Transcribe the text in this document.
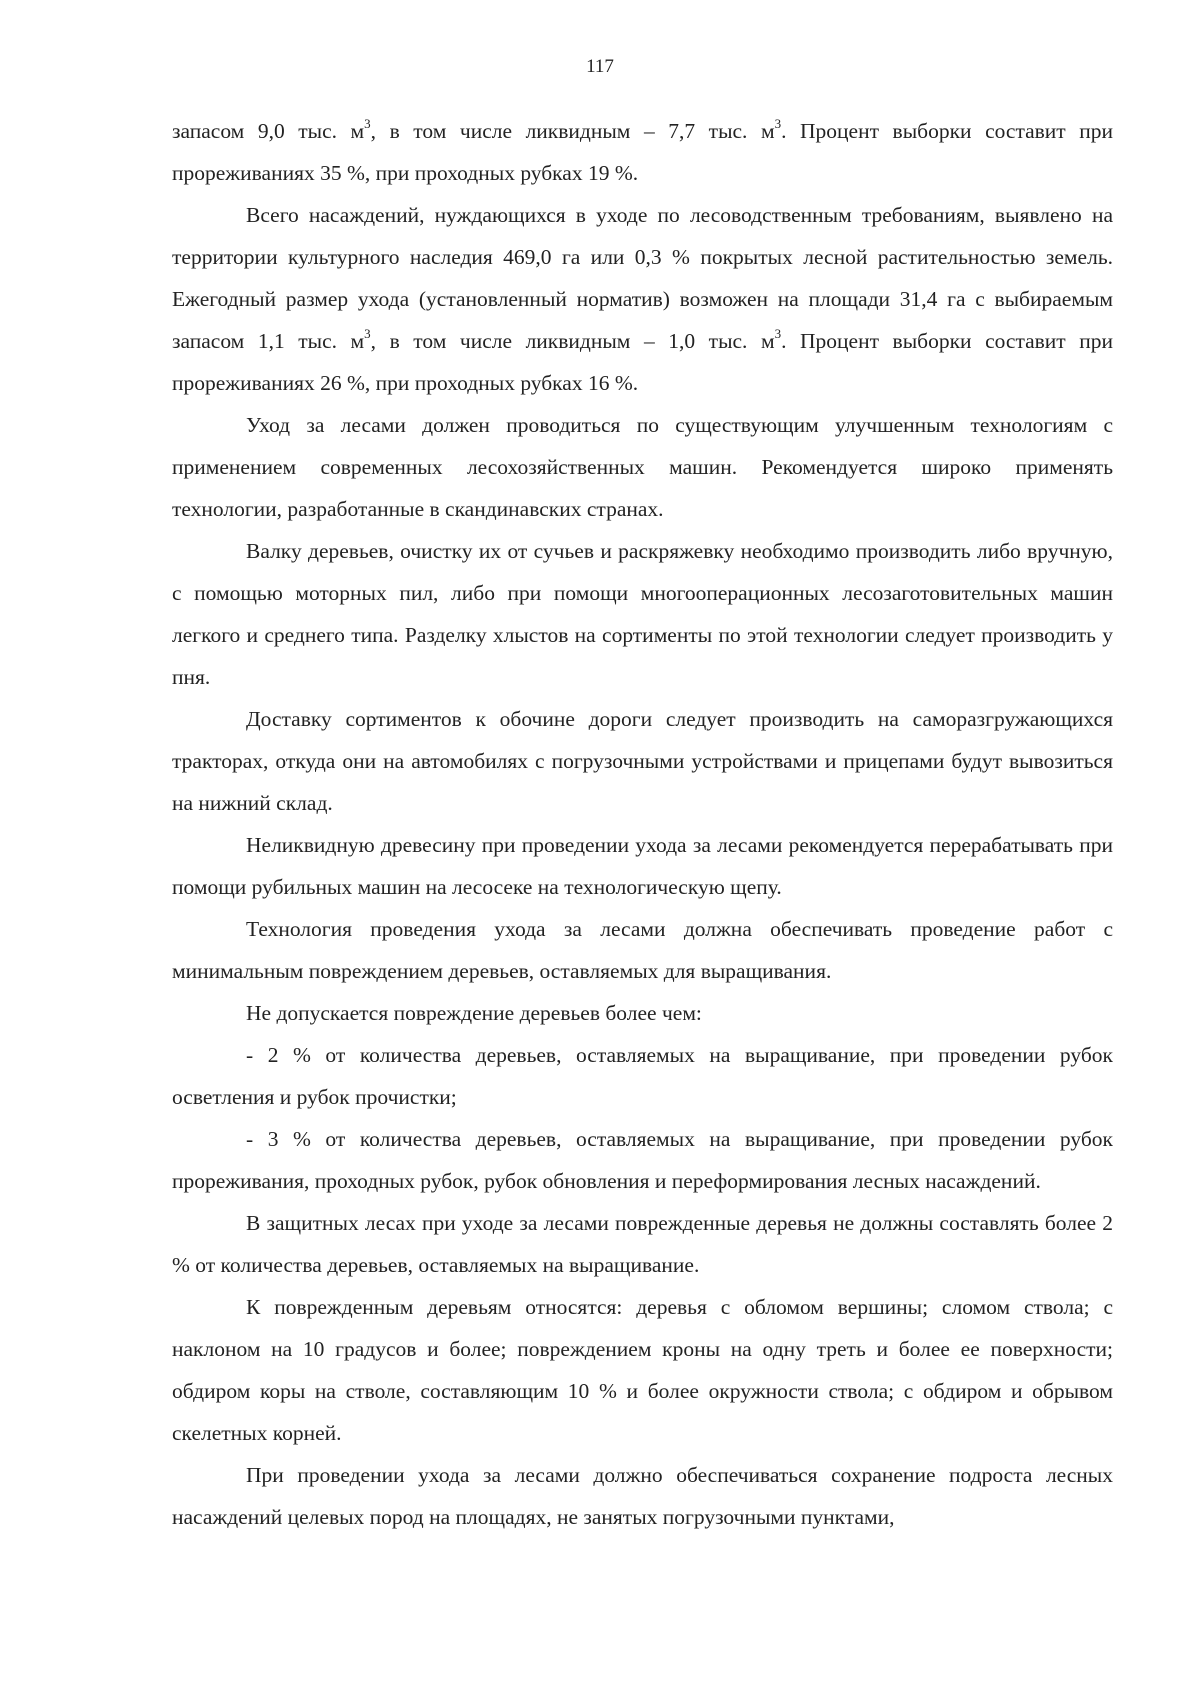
117

запасом 9,0 тыс. $м^3$, в том числе ликвидным – 7,7 тыс. $м^3$. Процент выборки составит при прореживаниях 35 %, при проходных рубках 19 %.

Всего насаждений, нуждающихся в уходе по лесоводственным требованиям, выявлено на территории культурного наследия 469,0 га или 0,3 % покрытых лесной растительностью земель. Ежегодный размер ухода (установленный норматив) возможен на площади 31,4 га с выбираемым запасом 1,1 тыс. $м^3$, в том числе ликвидным – 1,0 тыс. $м^3$. Процент выборки составит при прореживаниях 26 %, при проходных рубках 16 %.

Уход за лесами должен проводиться по существующим улучшенным технологиям с применением современных лесохозяйственных машин. Рекомендуется широко применять технологии, разработанные в скандинавских странах.

Валку деревьев, очистку их от сучьев и раскряжевку необходимо производить либо вручную, с помощью моторных пил, либо при помощи многооперационных лесозаготовительных машин легкого и среднего типа. Разделку хлыстов на сортименты по этой технологии следует производить у пня.

Доставку сортиментов к обочине дороги следует производить на саморазгружающихся тракторах, откуда они на автомобилях с погрузочными устройствами и прицепами будут вывозиться на нижний склад.

Неликвидную древесину при проведении ухода за лесами рекомендуется перерабатывать при помощи рубильных машин на лесосеке на технологическую щепу.

Технология проведения ухода за лесами должна обеспечивать проведение работ с минимальным повреждением деревьев, оставляемых для выращивания.

Не допускается повреждение деревьев более чем:

- 2 % от количества деревьев, оставляемых на выращивание, при проведении рубок осветления и рубок прочистки;

- 3 % от количества деревьев, оставляемых на выращивание, при проведении рубок прореживания, проходных рубок, рубок обновления и переформирования лесных насаждений.

В защитных лесах при уходе за лесами поврежденные деревья не должны составлять более 2 % от количества деревьев, оставляемых на выращивание.

К поврежденным деревьям относятся: деревья с обломом вершины; сломом ствола; с наклоном на 10 градусов и более; повреждением кроны на одну треть и более ее поверхности; обдиром коры на стволе, составляющим 10 % и более окружности ствола; с обдиром и обрывом скелетных корней.

При проведении ухода за лесами должно обеспечиваться сохранение подроста лесных насаждений целевых пород на площадях, не занятых погрузочными пунктами,
